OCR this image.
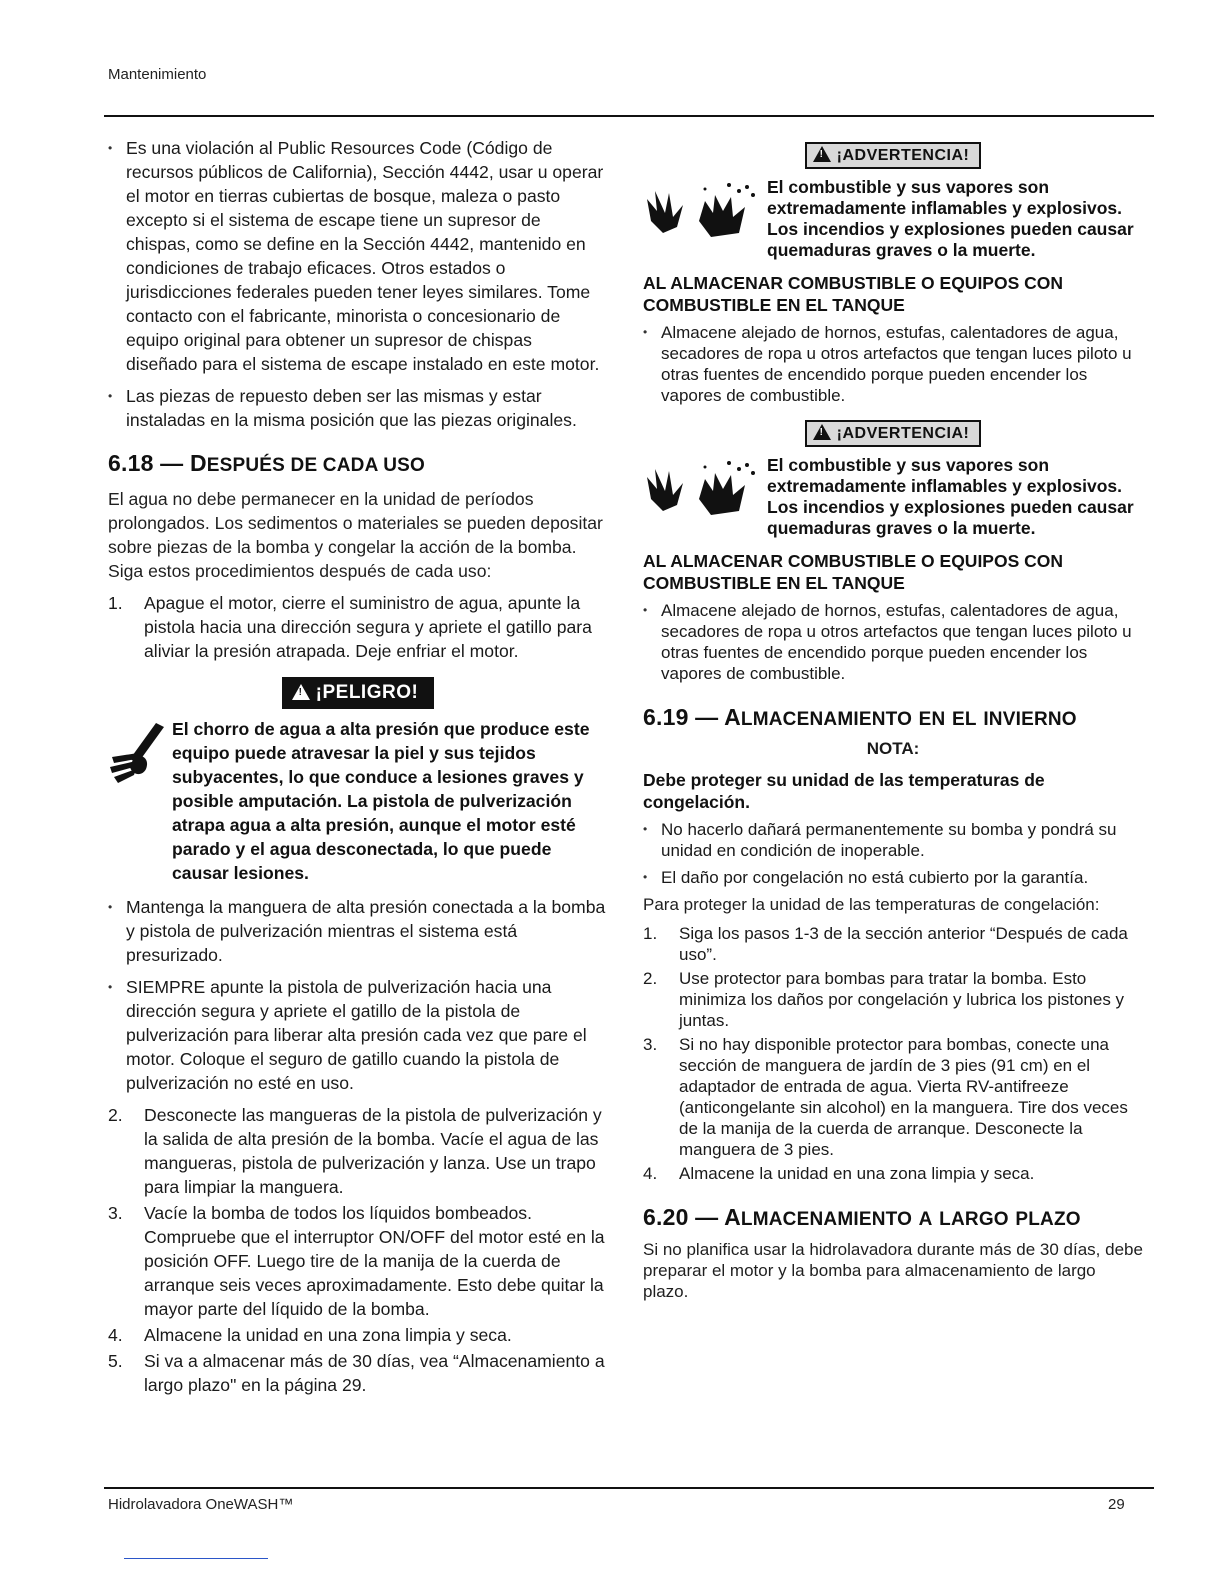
Mantenimiento
• Es una violación al Public Resources Code (Código de recursos públicos de California), Sección 4442, usar u operar el motor en tierras cubiertas de bosque, maleza o pasto excepto si el sistema de escape tiene un supresor de chispas, como se define en la Sección 4442, mantenido en condiciones de trabajo eficaces. Otros estados o jurisdicciones federales pueden tener leyes similares. Tome contacto con el fabricante, minorista o concesionario de equipo original para obtener un supresor de chispas diseñado para el sistema de escape instalado en este motor.
• Las piezas de repuesto deben ser las mismas y estar instaladas en la misma posición que las piezas originales.
6.18 — DESPUÉS DE CADA USO

El agua no debe permanecer en la unidad de períodos prolongados. Los sedimentos o materiales se pueden depositar sobre piezas de la bomba y congelar la acción de la bomba. Siga estos procedimientos después de cada uso:

1. Apague el motor, cierre el suministro de agua, apunte la pistola hacia una dirección segura y apriete el gatillo para aliviar la presión atrapada. Deje enfriar el motor.
!¡PELIGRO!
El chorro de agua a alta presión que produce este equipo puede atravesar la piel y sus tejidos subyacentes, lo que conduce a lesiones graves y posible amputación. La pistola de pulverización atrapa agua a alta presión, aunque el motor esté parado y el agua desconectada, lo que puede causar lesiones.
• Mantenga la manguera de alta presión conectada a la bomba y pistola de pulverización mientras el sistema está presurizado.
• SIEMPRE apunte la pistola de pulverización hacia una dirección segura y apriete el gatillo de la pistola de pulverización para liberar alta presión cada vez que pare el motor. Coloque el seguro de gatillo cuando la pistola de pulverización no esté en uso.
2. Desconecte las mangueras de la pistola de pulverización y la salida de alta presión de la bomba. Vacíe el agua de las mangueras, pistola de pulverización y lanza. Use un trapo para limpiar la manguera.
3. Vacíe la bomba de todos los líquidos bombeados. Compruebe que el interruptor ON/OFF del motor esté en la posición OFF. Luego tire de la manija de la cuerda de arranque seis veces aproximadamente. Esto debe quitar la mayor parte del líquido de la bomba.
4. Almacene la unidad en una zona limpia y seca.
5. Si va a almacenar más de 30 días, vea “Almacenamiento a largo plazo" en la página 29.
!¡ADVERTENCIA!
El combustible y sus vapores son extremadamente inflamables y explosivos. Los incendios y explosiones pueden causar quemaduras graves o la muerte.
AL ALMACENAR COMBUSTIBLE O EQUIPOS CON COMBUSTIBLE EN EL TANQUE
• Almacene alejado de hornos, estufas, calentadores de agua, secadores de ropa u otros artefactos que tengan luces piloto u otras fuentes de encendido porque pueden encender los vapores de combustible.
!¡ADVERTENCIA!
El combustible y sus vapores son extremadamente inflamables y explosivos. Los incendios y explosiones pueden causar quemaduras graves o la muerte.
AL ALMACENAR COMBUSTIBLE O EQUIPOS CON COMBUSTIBLE EN EL TANQUE
• Almacene alejado de hornos, estufas, calentadores de agua, secadores de ropa u otros artefactos que tengan luces piloto u otras fuentes de encendido porque pueden encender los vapores de combustible.
6.19 — ALMACENAMIENTO EN EL INVIERNO
NOTA:
Debe proteger su unidad de las temperaturas de congelación.
• No hacerlo dañará permanentemente su bomba y pondrá su unidad en condición de inoperable.
• El daño por congelación no está cubierto por la garantía.

Para proteger la unidad de las temperaturas de congelación:

1. Siga los pasos 1-3 de la sección anterior “Después de cada uso”.
2. Use protector para bombas para tratar la bomba. Esto minimiza los daños por congelación y lubrica los pistones y juntas.
3. Si no hay disponible protector para bombas, conecte una sección de manguera de jardín de 3 pies (91 cm) en el adaptador de entrada de agua. Vierta RV-antifreeze (anticongelante sin alcohol) en la manguera. Tire dos veces de la manija de la cuerda de arranque. Desconecte la manguera de 3 pies.
4. Almacene la unidad en una zona limpia y seca.
6.20 — ALMACENAMIENTO A LARGO PLAZO

Si no planifica usar la hidrolavadora durante más de 30 días, debe preparar el motor y la bomba para almacenamiento de largo plazo.

Hidrolavadora OneWASH™	29
